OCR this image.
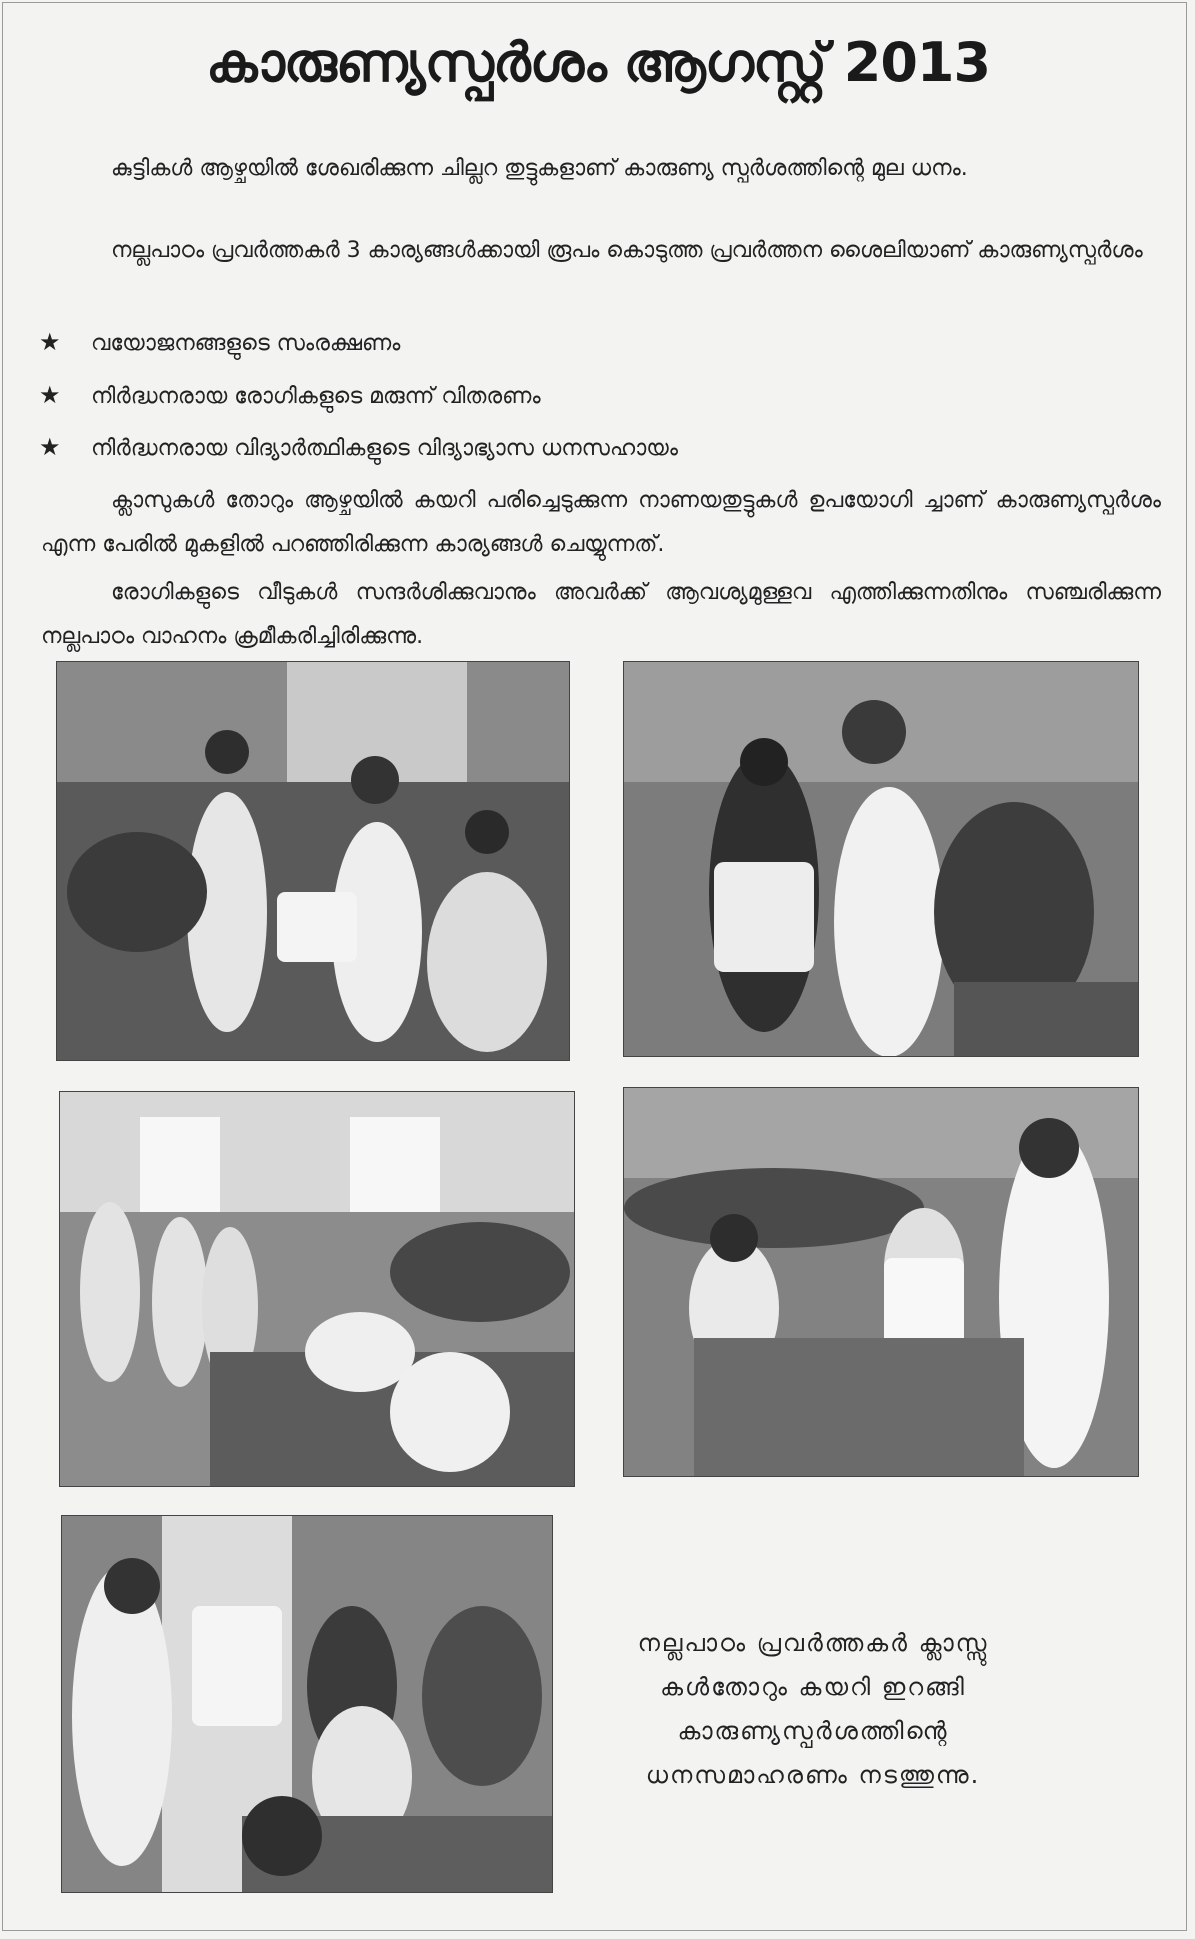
കാരുണ്യസ്പർശം ആഗസ്റ്റ് 2013
കുട്ടികൾ ആഴ്ചയിൽ ശേഖരിക്കുന്ന ചില്ലറ തുട്ടുകളാണ് കാരുണ്യ സ്പർശത്തിന്റെ മുല ധനം.
നല്ലപാഠം പ്രവർത്തകർ 3 കാര്യങ്ങൾക്കായി രൂപം കൊടുത്ത പ്രവർത്തന ശൈലിയാണ് കാരുണ്യസ്പർശം
★ വയോജനങ്ങളുടെ സംരക്ഷണം
★ നിർദ്ധനരായ രോഗികളുടെ മരുന്ന് വിതരണം
★ നിർദ്ധനരായ വിദ്യാർത്ഥികളുടെ വിദ്യാഭ്യാസ ധനസഹായം
ക്ലാസുകൾ തോറും ആഴ്ചയിൽ കയറി പരിച്ചെടുക്കുന്ന നാണയതുട്ടുകൾ ഉപയോഗി ച്ചാണ് കാരുണ്യസ്പർശം എന്ന പേരിൽ മുകളിൽ പറഞ്ഞിരിക്കുന്ന കാര്യങ്ങൾ ചെയ്യുന്നത്.
രോഗികളുടെ വീടുകൾ സന്ദർശിക്കുവാനും അവർക്ക് ആവശ്യമുള്ളവ എത്തിക്കുന്നതിനും സഞ്ചരിക്കുന്ന നല്ലപാഠം വാഹനം ക്രമീകരിച്ചിരിക്കുന്നു.
നല്ലപാഠം പ്രവർത്തകർ ക്ലാസ്സു
കൾതോറും കയറി ഇറങ്ങി
കാരുണ്യസ്പർശത്തിന്റെ
ധനസമാഹരണം നടത്തുന്നു.
